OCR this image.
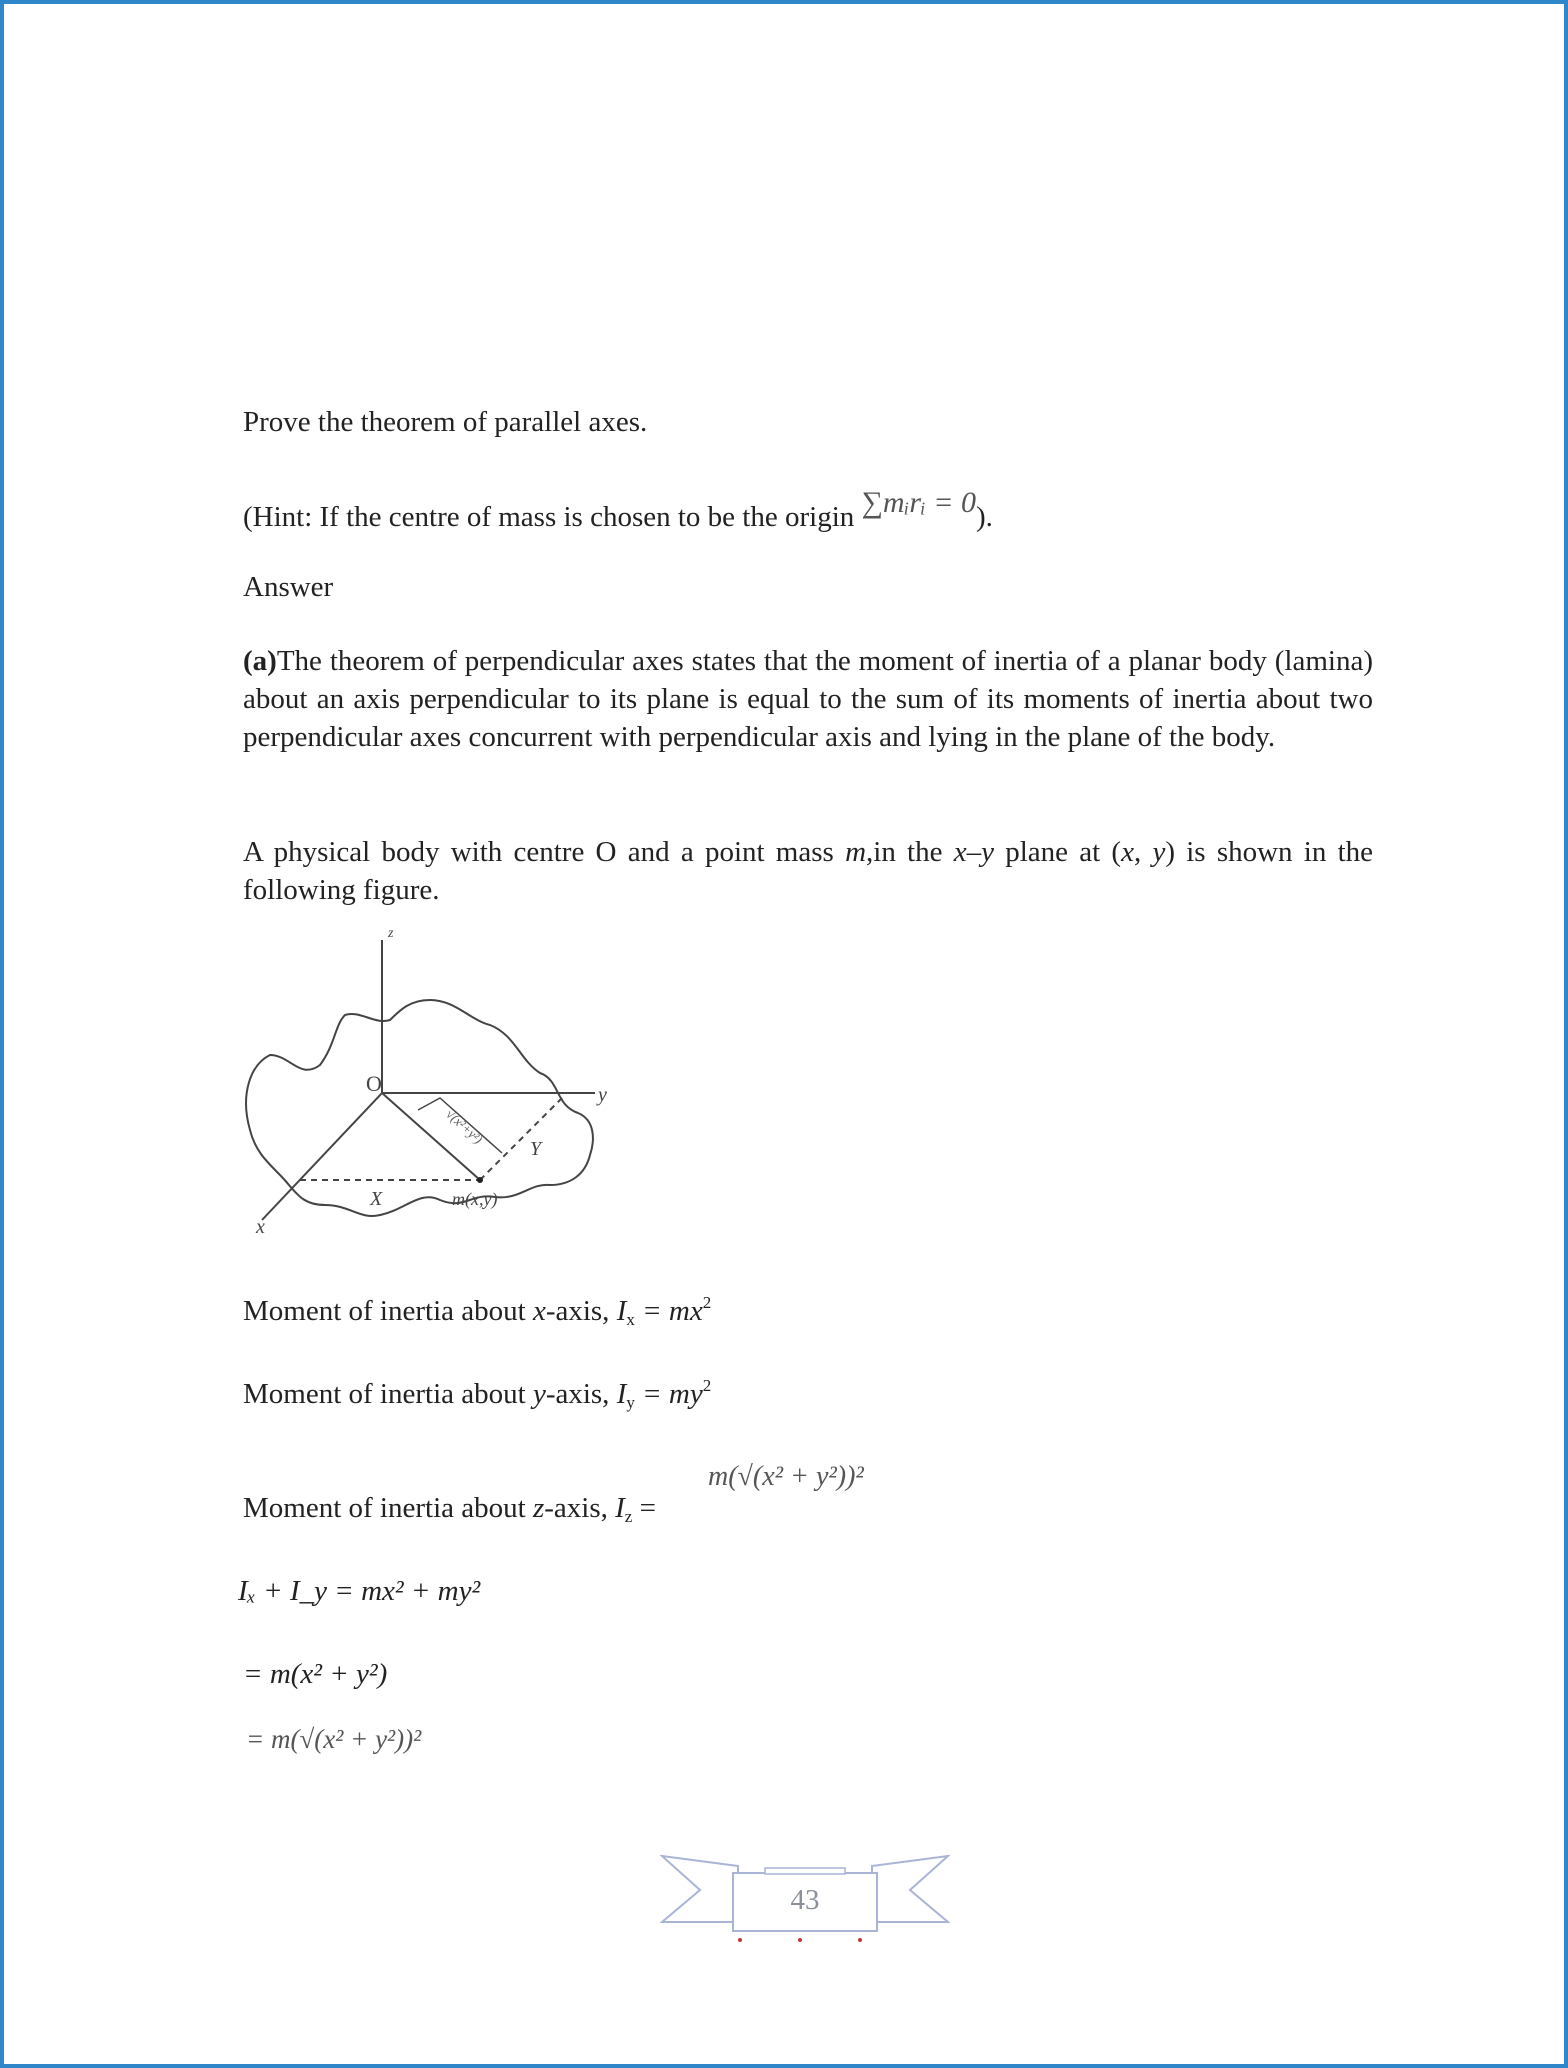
Prove the theorem of parallel axes.
(Hint: If the centre of mass is chosen to be the origin ∑mᵢrᵢ = 0).
Answer
(a)The theorem of perpendicular axes states that the moment of inertia of a planar body (lamina) about an axis perpendicular to its plane is equal to the sum of its moments of inertia about two perpendicular axes concurrent with perpendicular axis and lying in the plane of the body.
A physical body with centre O and a point mass m,in the x–y plane at (x, y) is shown in the following figure.
z
y
x
O
X
Y
m(x,y)
√(x²+y²)
Moment of inertia about x-axis, $I_x = mx^2$
Moment of inertia about y-axis, $I_y = my^2$
Moment of inertia about z-axis, $I_z$ =
m(√(x² + y²))²
Iₓ + I_y = mx² + my²
= m(x² + y²)
= m(√(x² + y²))²
43
